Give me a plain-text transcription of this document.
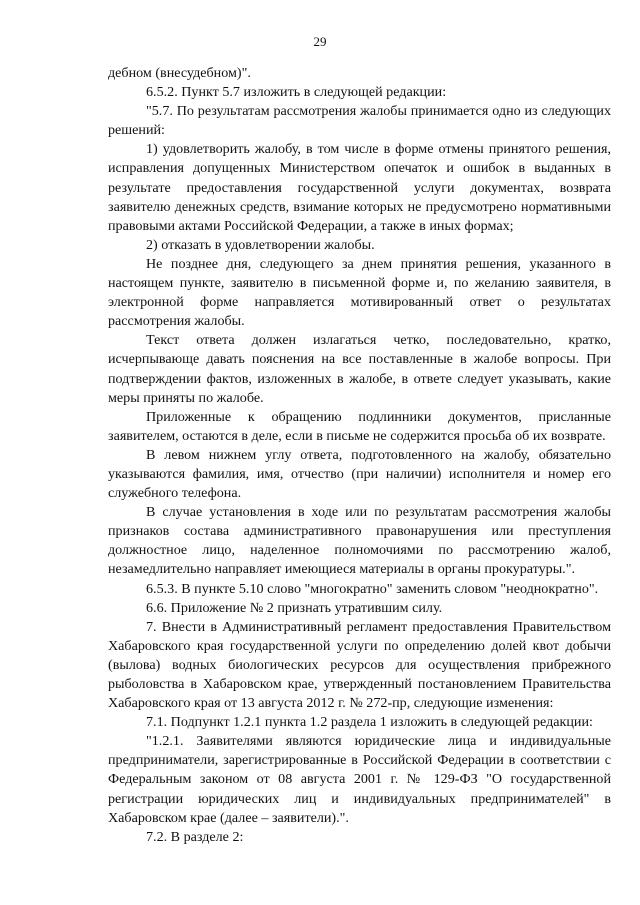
29

дебном (внесудебном)".

6.5.2. Пункт 5.7 изложить в следующей редакции:

"5.7. По результатам рассмотрения жалобы принимается одно из следующих решений:

1) удовлетворить жалобу, в том числе в форме отмены принятого решения, исправления допущенных Министерством опечаток и ошибок в выданных в результате предоставления государственной услуги документах, возврата заявителю денежных средств, взимание которых не предусмотрено нормативными правовыми актами Российской Федерации, а также в иных формах;

2) отказать в удовлетворении жалобы.

Не позднее дня, следующего за днем принятия решения, указанного в настоящем пункте, заявителю в письменной форме и, по желанию заявителя, в электронной форме направляется мотивированный ответ о результатах рассмотрения жалобы.

Текст ответа должен излагаться четко, последовательно, кратко, исчерпывающе давать пояснения на все поставленные в жалобе вопросы. При подтверждении фактов, изложенных в жалобе, в ответе следует указывать, какие меры приняты по жалобе.

Приложенные к обращению подлинники документов, присланные заявителем, остаются в деле, если в письме не содержится просьба об их возврате.

В левом нижнем углу ответа, подготовленного на жалобу, обязательно указываются фамилия, имя, отчество (при наличии) исполнителя и номер его служебного телефона.

В случае установления в ходе или по результатам рассмотрения жалобы признаков состава административного правонарушения или преступления должностное лицо, наделенное полномочиями по рассмотрению жалоб, незамедлительно направляет имеющиеся материалы в органы прокуратуры.".

6.5.3. В пункте 5.10 слово "многократно" заменить словом "неоднократно".

6.6. Приложение № 2 признать утратившим силу.

7. Внести в Административный регламент предоставления Правительством Хабаровского края государственной услуги по определению долей квот добычи (вылова) водных биологических ресурсов для осуществления прибрежного рыболовства в Хабаровском крае, утвержденный постановлением Правительства Хабаровского края от 13 августа 2012 г. № 272-пр, следующие изменения:

7.1. Подпункт 1.2.1 пункта 1.2 раздела 1 изложить в следующей редакции:

"1.2.1. Заявителями являются юридические лица и индивидуальные предприниматели, зарегистрированные в Российской Федерации в соответствии с Федеральным законом от 08 августа 2001 г. № 129-ФЗ "О государственной регистрации юридических лиц и индивидуальных предпринимателей" в Хабаровском крае (далее – заявители).".

7.2. В разделе 2:
